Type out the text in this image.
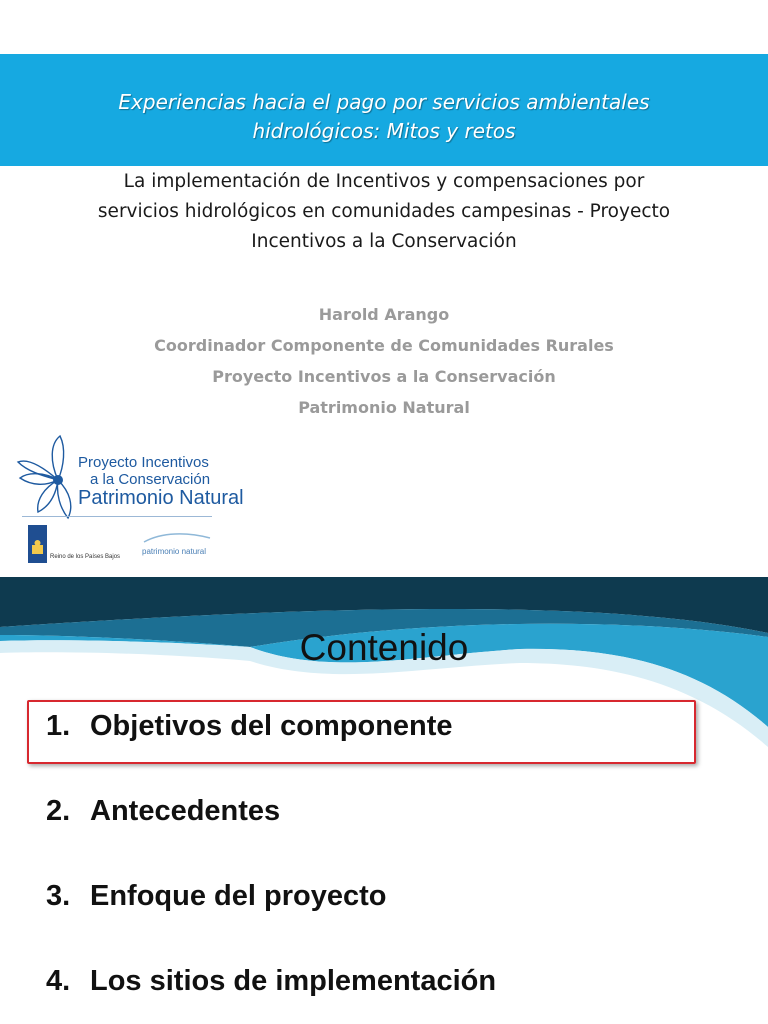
Experiencias hacia el pago por servicios ambientales
hidrológicos: Mitos y retos
La implementación de Incentivos y compensaciones por
servicios hidrológicos en comunidades campesinas - Proyecto
Incentivos a la Conservación
Harold Arango
Coordinador Componente de Comunidades Rurales
Proyecto Incentivos a la Conservación
Patrimonio Natural
Proyecto Incentivos
a la Conservación
Patrimonio Natural
Reino de los Países Bajos
patrimonio natural
Contenido
1. Objetivos del componente
2. Antecedentes
3. Enfoque del proyecto
4. Los sitios de implementación
